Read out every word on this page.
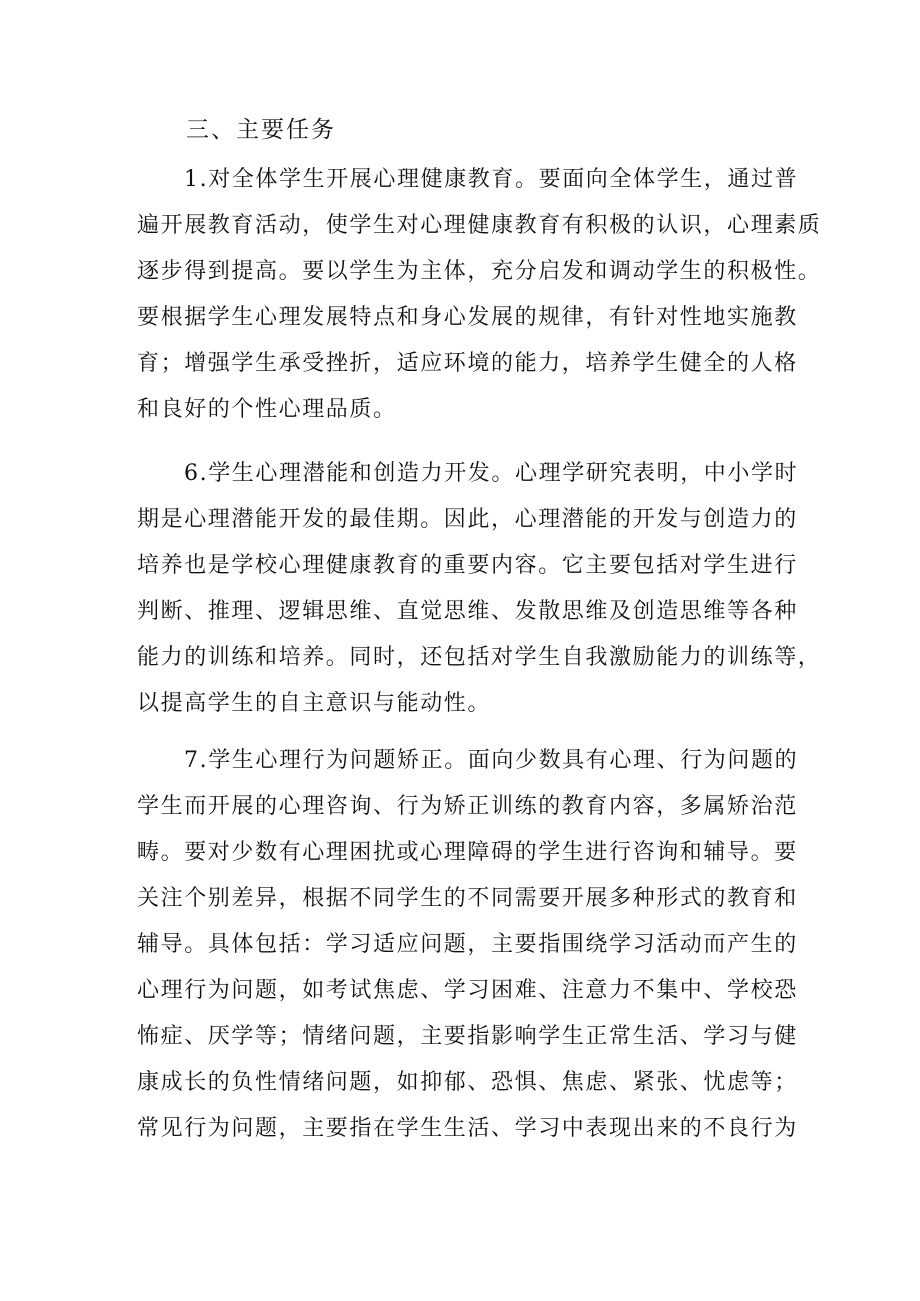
三、主要任务
1.对全体学生开展心理健康教育。要面向全体学生，通过普
遍开展教育活动，使学生对心理健康教育有积极的认识，心理素质
逐步得到提高。要以学生为主体，充分启发和调动学生的积极性。
要根据学生心理发展特点和身心发展的规律，有针对性地实施教
育；增强学生承受挫折，适应环境的能力，培养学生健全的人格
和良好的个性心理品质。
6.学生心理潜能和创造力开发。心理学研究表明，中小学时
期是心理潜能开发的最佳期。因此，心理潜能的开发与创造力的
培养也是学校心理健康教育的重要内容。它主要包括对学生进行
判断、推理、逻辑思维、直觉思维、发散思维及创造思维等各种
能力的训练和培养。同时，还包括对学生自我激励能力的训练等，
以提高学生的自主意识与能动性。
7.学生心理行为问题矫正。面向少数具有心理、行为问题的
学生而开展的心理咨询、行为矫正训练的教育内容，多属矫治范
畴。要对少数有心理困扰或心理障碍的学生进行咨询和辅导。要
关注个别差异，根据不同学生的不同需要开展多种形式的教育和
辅导。具体包括：学习适应问题，主要指围绕学习活动而产生的
心理行为问题，如考试焦虑、学习困难、注意力不集中、学校恐
怖症、厌学等；情绪问题，主要指影响学生正常生活、学习与健
康成长的负性情绪问题，如抑郁、恐惧、焦虑、紧张、忧虑等；
常见行为问题，主要指在学生生活、学习中表现出来的不良行为
